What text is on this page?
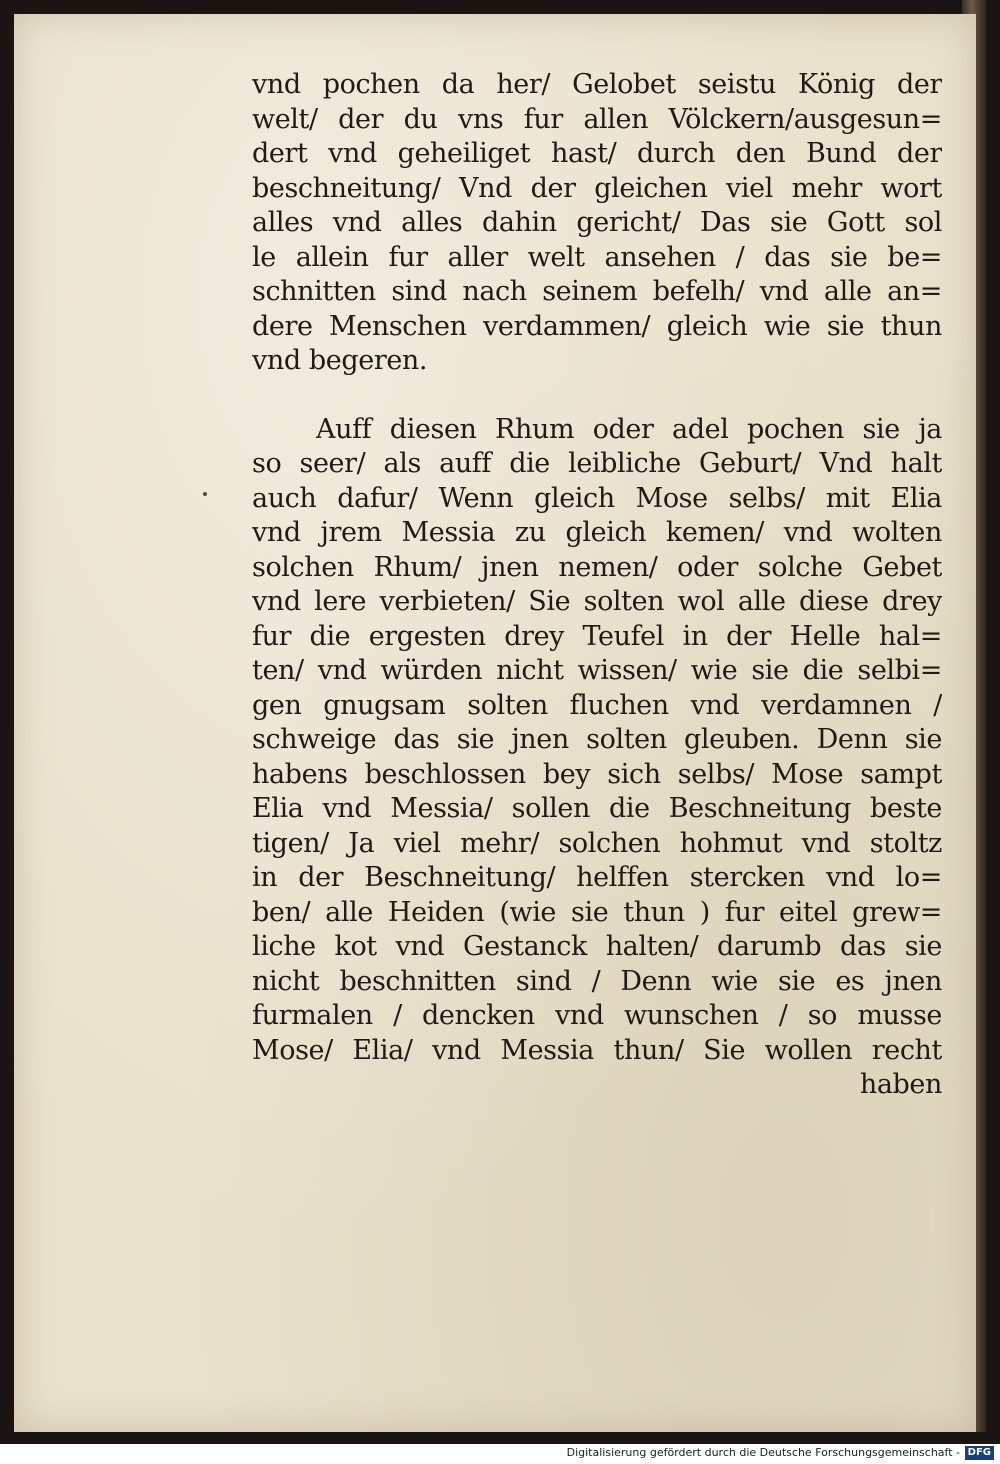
vnd pochen da her/ Gelobet seistu König der
welt/ der du vns fur allen Völckern/ausgesun=
dert vnd geheiliget hast/ durch den Bund der
beschneitung/ Vnd der gleichen viel mehr wort
alles vnd alles dahin gericht/ Das sie Gott sol
le allein fur aller welt ansehen / das sie be=
schnitten sind nach seinem befelh/ vnd alle an=
dere Menschen verdammen/ gleich wie sie thun
vnd begeren.
Auff diesen Rhum oder adel pochen sie ja
so seer/ als auff die leibliche Geburt/ Vnd halt
auch dafur/ Wenn gleich Mose selbs/ mit Elia
vnd jrem Messia zu gleich kemen/ vnd wolten
solchen Rhum/ jnen nemen/ oder solche Gebet
vnd lere verbieten/ Sie solten wol alle diese drey
fur die ergesten drey Teufel in der Helle hal=
ten/ vnd würden nicht wissen/ wie sie die selbi=
gen gnugsam solten fluchen vnd verdamnen /
schweige das sie jnen solten gleuben. Denn sie
habens beschlossen bey sich selbs/ Mose sampt
Elia vnd Messia/ sollen die Beschneitung beste
tigen/ Ja viel mehr/ solchen hohmut vnd stoltz
in der Beschneitung/ helffen stercken vnd lo=
ben/ alle Heiden (wie sie thun ) fur eitel grew=
liche kot vnd Gestanck halten/ darumb das sie
nicht beschnitten sind / Denn wie sie es jnen
furmalen / dencken vnd wunschen / so musse
Mose/ Elia/ vnd Messia thun/ Sie wollen recht
haben
Digitalisierung gefördert durch die Deutsche Forschungsgemeinschaft - DFG
